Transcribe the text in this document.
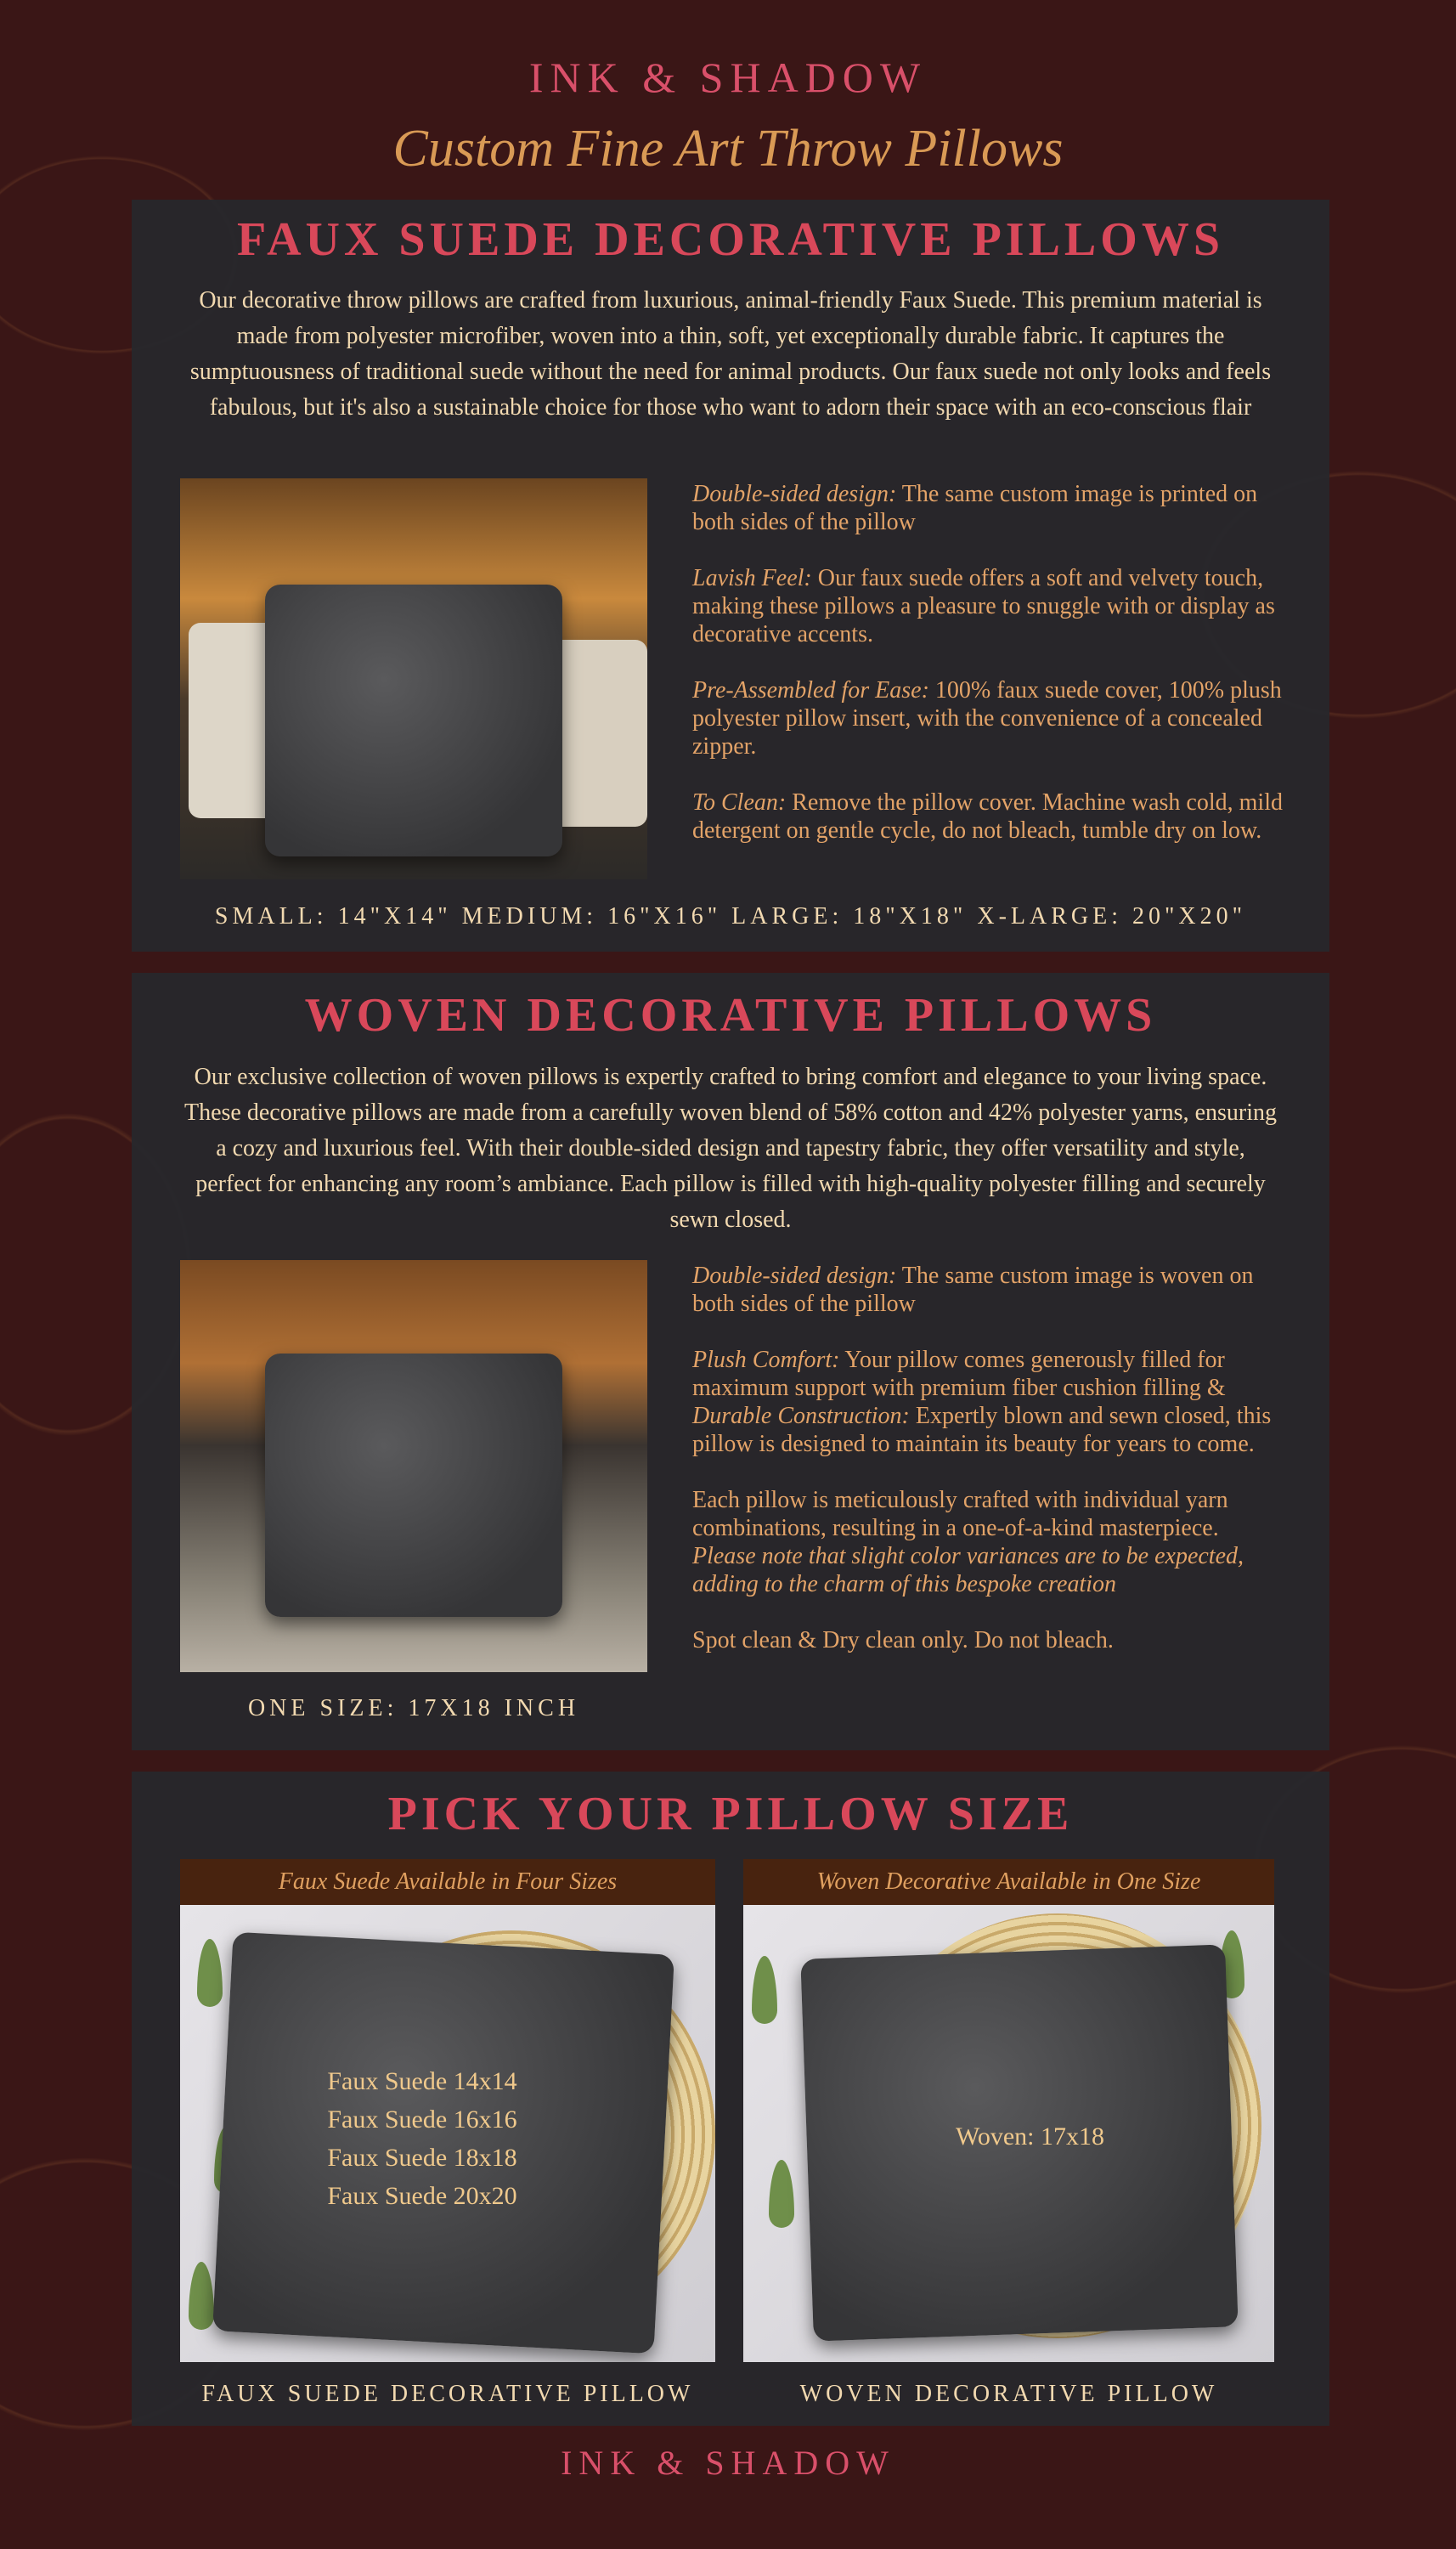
INK & SHADOW
Custom Fine Art Throw Pillows
FAUX SUEDE DECORATIVE PILLOWS

Our decorative throw pillows are crafted from luxurious, animal-friendly Faux Suede. This premium material is made from polyester microfiber, woven into a thin, soft, yet exceptionally durable fabric. It captures the sumptuousness of traditional suede without the need for animal products. Our faux suede not only looks and feels fabulous, but it's also a sustainable choice for those who want to adorn their space with an eco-conscious flair

Double-sided design: The same custom image is printed on both sides of the pillow

Lavish Feel: Our faux suede offers a soft and velvety touch, making these pillows a pleasure to snuggle with or display as decorative accents.

Pre-Assembled for Ease: 100% faux suede cover, 100% plush polyester pillow insert, with the convenience of a concealed zipper.

To Clean: Remove the pillow cover. Machine wash cold, mild detergent on gentle cycle, do not bleach, tumble dry on low.

SMALL: 14"X14" MEDIUM: 16"X16" LARGE: 18"X18" X-LARGE: 20"X20"
WOVEN DECORATIVE PILLOWS

Our exclusive collection of woven pillows is expertly crafted to bring comfort and elegance to your living space. These decorative pillows are made from a carefully woven blend of 58% cotton and 42% polyester yarns, ensuring a cozy and luxurious feel. With their double-sided design and tapestry fabric, they offer versatility and style, perfect for enhancing any room’s ambiance. Each pillow is filled with high-quality polyester filling and securely sewn closed.

Double-sided design: The same custom image is woven on both sides of the pillow

Plush Comfort: Your pillow comes generously filled for maximum support with premium fiber cushion filling & Durable Construction: Expertly blown and sewn closed, this pillow is designed to maintain its beauty for years to come.

Each pillow is meticulously crafted with individual yarn combinations, resulting in a one-of-a-kind masterpiece. Please note that slight color variances are to be expected, adding to the charm of this bespoke creation

Spot clean & Dry clean only. Do not bleach.

ONE SIZE: 17X18 INCH
PICK YOUR PILLOW SIZE
Faux Suede Available in Four Sizes	Woven Decorative Available in One Size
Faux Suede 14x14
Faux Suede 16x16
Faux Suede 18x18
Faux Suede 20x20
Woven: 17x18
FAUX SUEDE DECORATIVE PILLOW	WOVEN DECORATIVE PILLOW
INK & SHADOW
